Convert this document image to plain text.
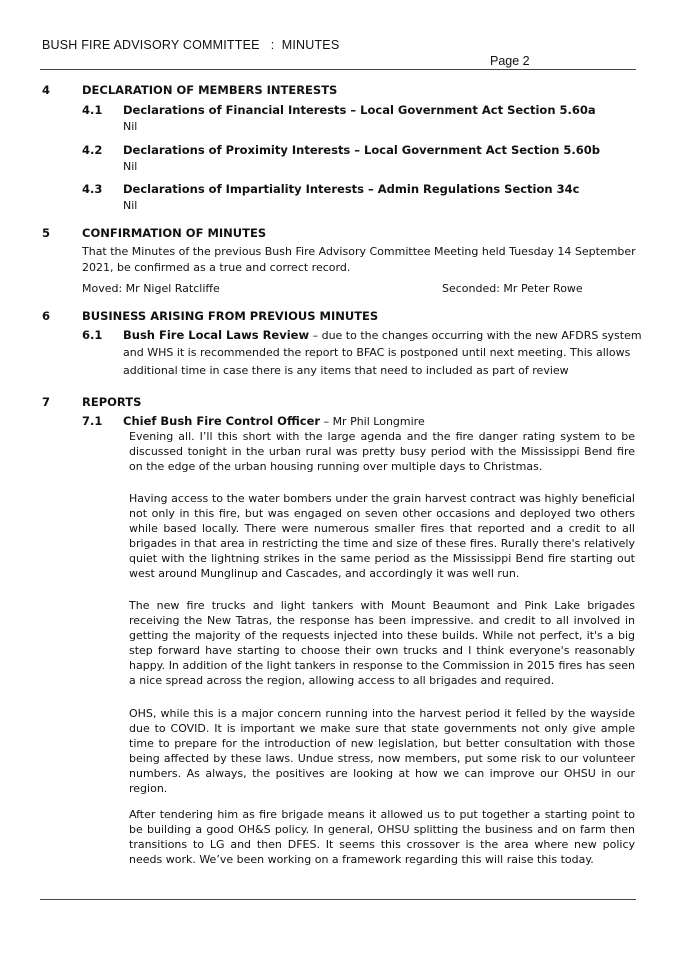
BUSH FIRE ADVISORY COMMITTEE   :  MINUTES
Page 2
4	DECLARATION OF MEMBERS INTERESTS
4.1 Declarations of Financial Interests – Local Government Act Section 5.60a
Nil
4.2 Declarations of Proximity Interests – Local Government Act Section 5.60b
Nil
4.3 Declarations of Impartiality Interests – Admin Regulations Section 34c
Nil
5	CONFIRMATION OF MINUTES
That the Minutes of the previous Bush Fire Advisory Committee Meeting held Tuesday 14 September
2021, be confirmed as a true and correct record.
Moved: Mr Nigel Ratcliffe	Seconded: Mr Peter Rowe
6	BUSINESS ARISING FROM PREVIOUS MINUTES
6.1 Bush Fire Local Laws Review – due to the changes occurring with the new AFDRS system
and WHS it is recommended the report to BFAC is postponed until next meeting. This allows
additional time in case there is any items that need to included as part of review
7	REPORTS
7.1 Chief Bush Fire Control Officer – Mr Phil Longmire
Evening all. I’ll this short with the large agenda and the fire danger rating system to be discussed tonight in the urban rural was pretty busy period with the Mississippi Bend fire on the edge of the urban housing running over multiple days to Christmas.
Having access to the water bombers under the grain harvest contract was highly beneficial not only in this fire, but was engaged on seven other occasions and deployed two others while based locally. There were numerous smaller fires that reported and a credit to all brigades in that area in restricting the time and size of these fires. Rurally there's relatively quiet with the lightning strikes in the same period as the Mississippi Bend fire starting out west around Munglinup and Cascades, and accordingly it was well run.
The new fire trucks and light tankers with Mount Beaumont and Pink Lake brigades receiving the New Tatras, the response has been impressive. and credit to all involved in getting the majority of the requests injected into these builds. While not perfect, it's a big step forward have starting to choose their own trucks and I think everyone's reasonably happy. In addition of the light tankers in response to the Commission in 2015 fires has seen a nice spread across the region, allowing access to all brigades and required.
OHS, while this is a major concern running into the harvest period it felled by the wayside due to COVID. It is important we make sure that state governments not only give ample time to prepare for the introduction of new legislation, but better consultation with those being affected by these laws. Undue stress, now members, put some risk to our volunteer numbers. As always, the positives are looking at how we can improve our OHSU in our region.
After tendering him as fire brigade means it allowed us to put together a starting point to be building a good OH&S policy. In general, OHSU splitting the business and on farm then transitions to LG and then DFES. It seems this crossover is the area where new policy needs work. We’ve been working on a framework regarding this will raise this today.
